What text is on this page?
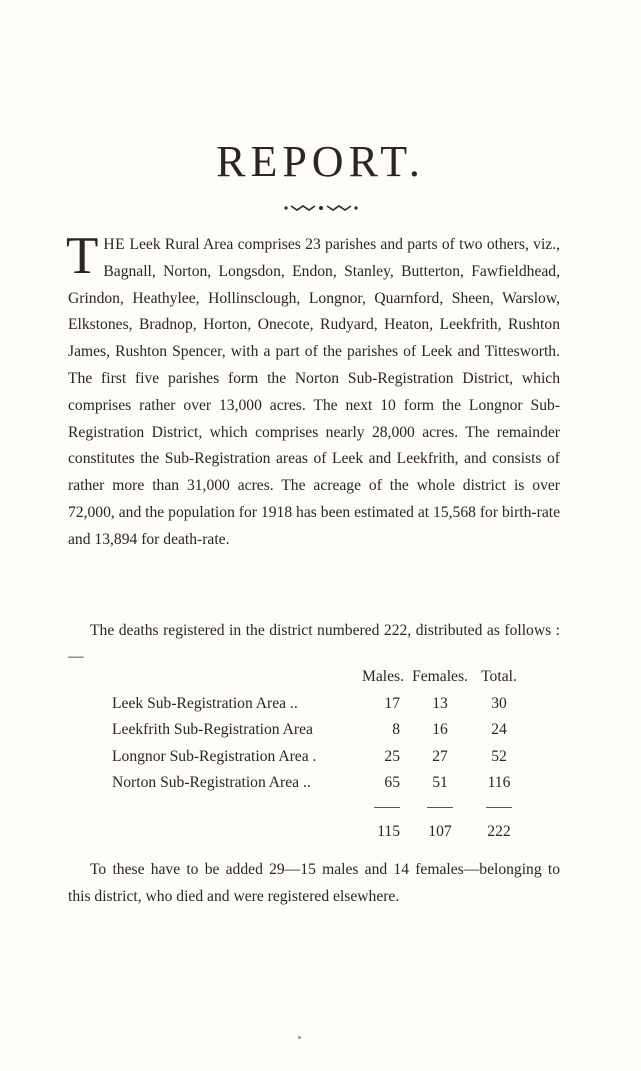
REPORT.
THE Leek Rural Area comprises 23 parishes and parts of two others, viz., Bagnall, Norton, Longsdon, Endon, Stanley, Butterton, Fawfieldhead, Grindon, Heathylee, Hollinsclough, Longnor, Quarnford, Sheen, Warslow, Elkstones, Bradnop, Horton, Onecote, Rudyard, Heaton, Leekfrith, Rushton James, Rushton Spencer, with a part of the parishes of Leek and Tittesworth. The first five parishes form the Norton Sub-Registration District, which comprises rather over 13,000 acres. The next 10 form the Longnor Sub-Registration District, which comprises nearly 28,000 acres. The remainder constitutes the Sub-Registration areas of Leek and Leekfrith, and consists of rather more than 31,000 acres. The acreage of the whole district is over 72,000, and the population for 1918 has been estimated at 15,568 for birth-rate and 13,894 for death-rate.
The deaths registered in the district numbered 222, distributed as follows : —
	Males.	Females.	Total.
Leek Sub-Registration Area ..	17	13	30
Leekfrith Sub-Registration Area	8	16	24
Longnor Sub-Registration Area .	25	27	52
Norton Sub-Registration Area ..	65	51	116

	115	107	222
To these have to be added 29—15 males and 14 females—belonging to this district, who died and were registered elsewhere.
